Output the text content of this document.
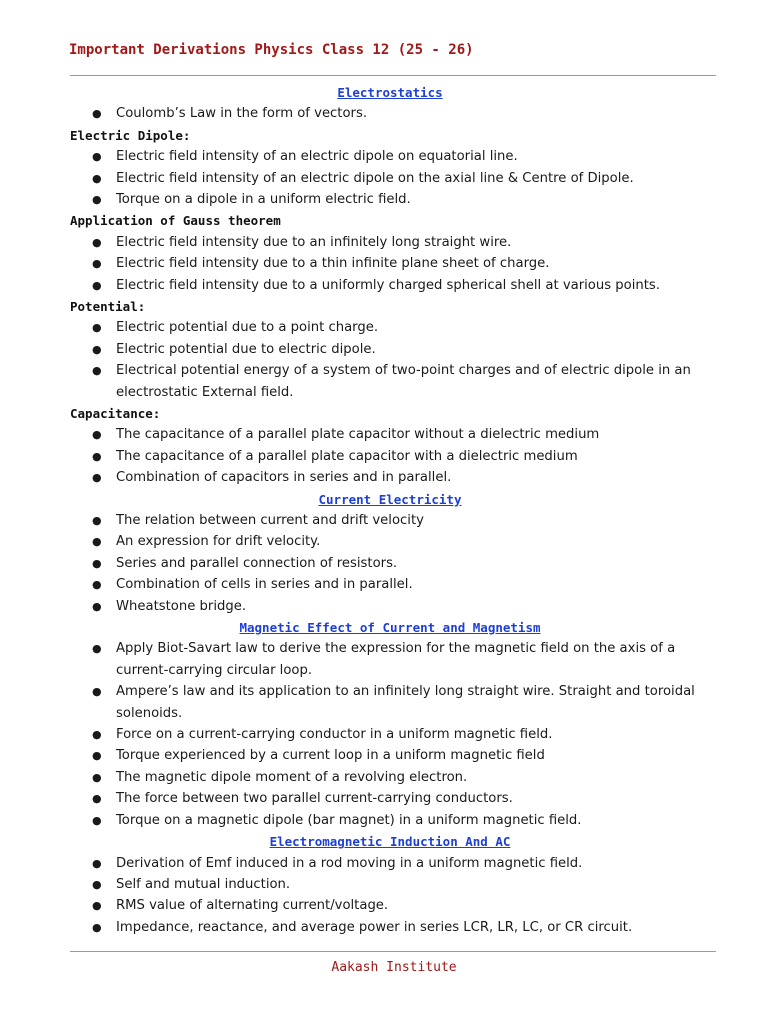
Important Derivations Physics Class 12 (25 - 26)
Electrostatics
● Coulomb’s Law in the form of vectors.
Electric Dipole:
● Electric field intensity of an electric dipole on equatorial line.
● Electric field intensity of an electric dipole on the axial line & Centre of Dipole.
● Torque on a dipole in a uniform electric field.
Application of Gauss theorem
● Electric field intensity due to an infinitely long straight wire.
● Electric field intensity due to a thin infinite plane sheet of charge.
● Electric field intensity due to a uniformly charged spherical shell at various points.
Potential:
● Electric potential due to a point charge.
● Electric potential due to electric dipole.
● Electrical potential energy of a system of two-point charges and of electric dipole in an electrostatic External field.
Capacitance:
● The capacitance of a parallel plate capacitor without a dielectric medium
● The capacitance of a parallel plate capacitor with a dielectric medium
● Combination of capacitors in series and in parallel.
Current Electricity
● The relation between current and drift velocity
● An expression for drift velocity.
● Series and parallel connection of resistors.
● Combination of cells in series and in parallel.
● Wheatstone bridge.
Magnetic Effect of Current and Magnetism
● Apply Biot-Savart law to derive the expression for the magnetic field on the axis of a current-carrying circular loop.
● Ampere’s law and its application to an infinitely long straight wire. Straight and toroidal solenoids.
● Force on a current-carrying conductor in a uniform magnetic field.
● Torque experienced by a current loop in a uniform magnetic field
● The magnetic dipole moment of a revolving electron.
● The force between two parallel current-carrying conductors.
● Torque on a magnetic dipole (bar magnet) in a uniform magnetic field.
Electromagnetic Induction And AC
● Derivation of Emf induced in a rod moving in a uniform magnetic field.
● Self and mutual induction.
● RMS value of alternating current/voltage.
● Impedance, reactance, and average power in series LCR, LR, LC, or CR circuit.
Aakash Institute
